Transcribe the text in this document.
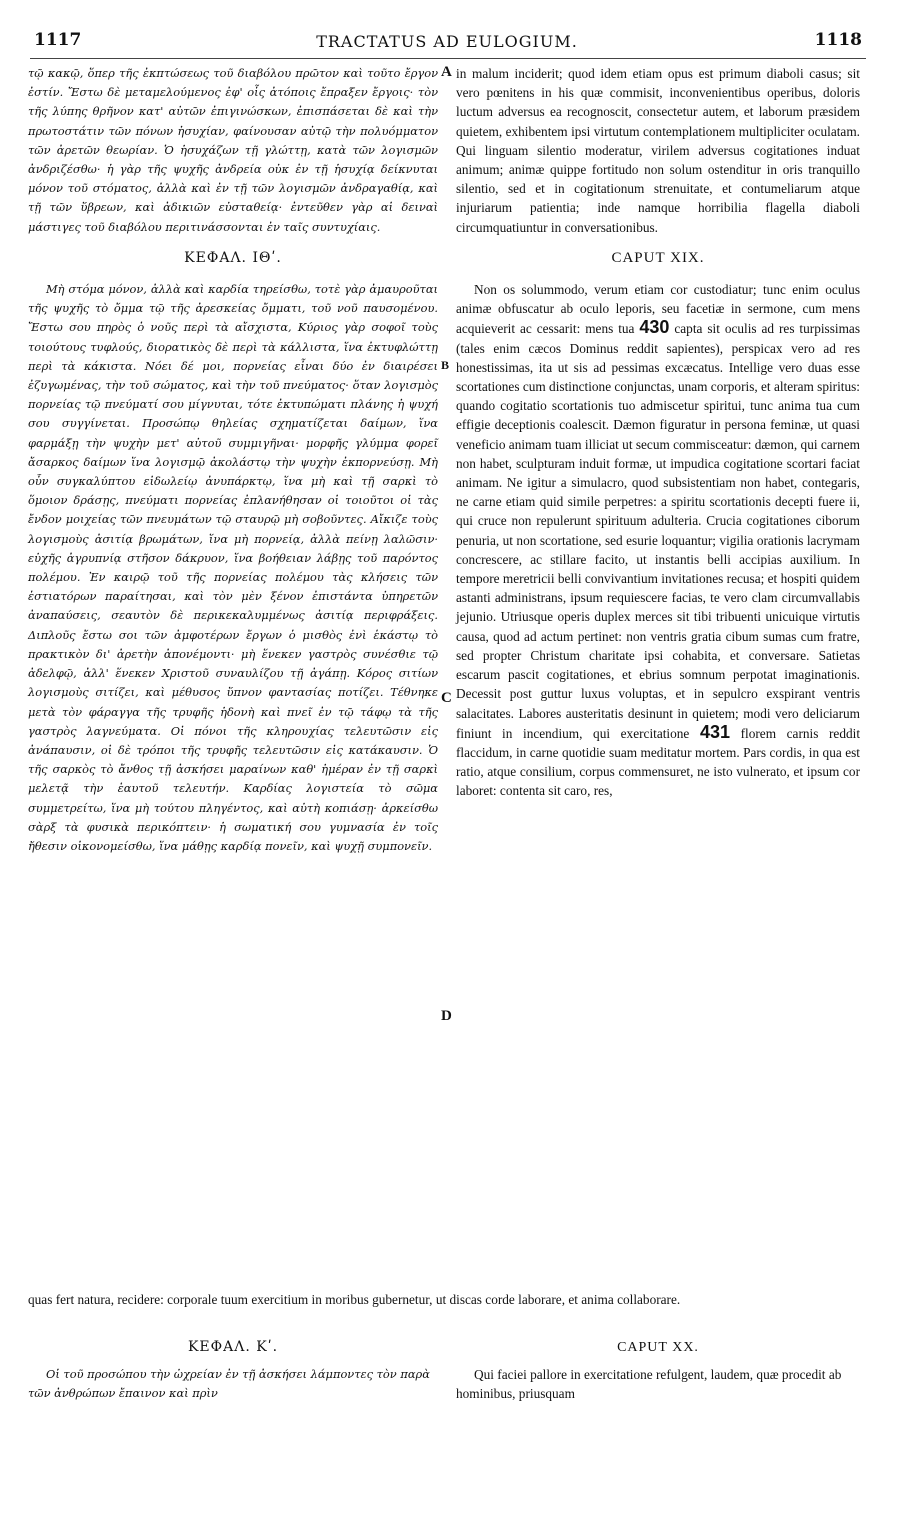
1117	TRACTATUS AD EULOGIUM.	1118

τῷ κακῷ, ὅπερ τῆς ἐκπτώσεως τοῦ διαβόλου πρῶτον καὶ τοῦτο ἔργον ἐστίν. Ἔστω δὲ μεταμελούμενος ἐφ' οἷς ἀτόποις ἔπραξεν ἔργοις· τὸν τῆς λύπης θρῆνον κατ' αὐτῶν ἐπιγινώσκων, ἐπισπάσεται δὲ καὶ τὴν πρωτοστάτιν τῶν πόνων ἡσυχίαν, φαίνουσαν αὐτῷ τὴν πολυόμματον τῶν ἀρετῶν θεωρίαν. Ὁ ἡσυχάζων τῇ γλώττῃ, κατὰ τῶν λογισμῶν ἀνδριζέσθω· ἡ γὰρ τῆς ψυχῆς ἀνδρεία οὐκ ἐν τῇ ἡσυχίᾳ δείκνυται μόνον τοῦ στόματος, ἀλλὰ καὶ ἐν τῇ τῶν λογισμῶν ἀνδραγαθίᾳ, καὶ τῇ τῶν ὕβρεων, καὶ ἀδικιῶν εὐσταθείᾳ· ἐντεῦθεν γὰρ αἱ δειναὶ μάστιγες τοῦ διαβόλου περιτινάσσονται ἐν ταῖς συντυχίαις.

ΚΕΦΑΛ. ΙΘʹ.

Μὴ στόμα μόνον, ἀλλὰ καὶ καρδία τηρείσθω, τοτὲ γὰρ ἀμαυροῦται τῆς ψυχῆς τὸ ὄμμα τῷ τῆς ἀρεσκείας ὄμματι, τοῦ νοῦ παυσομένου. Ἔστω σου πηρὸς ὁ νοῦς περὶ τὰ αἴσχιστα, Κύριος γὰρ σοφοῖ τοὺς τοιούτους τυφλούς, διορατικὸς δὲ περὶ τὰ κάλλιστα, ἵνα ἐκτυφλώττῃ περὶ τὰ κάκιστα. Νόει δέ μοι, πορνείας εἶναι δύο ἐν διαιρέσει ἐζυγωμένας, τὴν τοῦ σώματος, καὶ τὴν τοῦ πνεύματος· ὅταν λογισμὸς πορνείας τῷ πνεύματί σου μίγνυται, τότε ἐκτυπώματι πλάνης ἡ ψυχή σου συγγίνεται. Προσώπῳ θηλείας σχηματίζεται δαίμων, ἵνα φαρμάξῃ τὴν ψυχὴν μετ' αὐτοῦ συμμιγῆναι· μορφῆς γλύμμα φορεῖ ἄσαρκος δαίμων ἵνα λογισμῷ ἀκολάστῳ τὴν ψυχὴν ἐκπορνεύσῃ. Μὴ οὖν συγκαλύπτου εἰδωλείῳ ἀνυπάρκτῳ, ἵνα μὴ καὶ τῇ σαρκὶ τὸ ὅμοιον δράσῃς, πνεύματι πορνείας ἐπλανήθησαν οἱ τοιοῦτοι οἱ τὰς ἔνδον μοιχείας τῶν πνευμάτων τῷ σταυρῷ μὴ σοβοῦντες. Αἴκιζε τοὺς λογισμοὺς ἀσιτίᾳ βρωμάτων, ἵνα μὴ πορνείᾳ, ἀλλὰ πείνῃ λαλῶσιν· εὐχῆς ἀγρυπνίᾳ στῆσον δάκρυον, ἵνα βοήθειαν λάβῃς τοῦ παρόντος πολέμου. Ἐν καιρῷ τοῦ τῆς πορνείας πολέμου τὰς κλήσεις τῶν ἑστιατόρων παραίτησαι, καὶ τὸν μὲν ξένον ἐπιστάντα ὑπηρετῶν ἀναπαύσεις, σεαυτὸν δὲ περικεκαλυμμένως ἀσιτίᾳ περιφράξεις. Διπλοῦς ἔστω σοι τῶν ἀμφοτέρων ἔργων ὁ μισθὸς ἐνὶ ἑκάστῳ τὸ πρακτικὸν δι' ἀρετὴν ἀπονέμοντι· μὴ ἕνεκεν γαστρὸς συνέσθιε τῷ ἀδελφῷ, ἀλλ' ἕνεκεν Χριστοῦ συναυλίζου τῇ ἀγάπῃ. Κόρος σιτίων λογισμοὺς σιτίζει, καὶ μέθυσος ὕπνον φαντασίας ποτίζει. Τέθνηκε μετὰ τὸν φάραγγα τῆς τρυφῆς ἡδονὴ καὶ πνεῖ ἐν τῷ τάφῳ τὰ τῆς γαστρὸς λαγνεύματα. Οἱ πόνοι τῆς κληρουχίας τελευτῶσιν εἰς ἀνάπαυσιν, οἱ δὲ τρόποι τῆς τρυφῆς τελευτῶσιν εἰς κατάκαυσιν. Ὁ τῆς σαρκὸς τὸ ἄνθος τῇ ἀσκήσει μαραίνων καθ' ἡμέραν ἐν τῇ σαρκὶ μελετᾷ τὴν ἑαυτοῦ τελευτήν. Καρδίας λογιστεία τὸ σῶμα συμμετρείτω, ἵνα μὴ τούτου πληγέντος, καὶ αὐτὴ κοπιάσῃ· ἀρκείσθω σὰρξ τὰ φυσικὰ περικόπτειν· ἡ σωματική σου γυμνασία ἐν τοῖς ἤθεσιν οἰκονομείσθω, ἵνα μάθῃς καρδίᾳ πονεῖν, καὶ ψυχῇ συμπονεῖν.

in malum inciderit; quod idem etiam opus est primum diaboli casus; sit vero pœnitens in his quæ commisit, inconvenientibus operibus, doloris luctum adversus ea recognoscit, consectetur autem, et laborum præsidem quietem, exhibentem ipsi virtutum contemplationem multipliciter oculatam. Qui linguam silentio moderatur, virilem adversus cogitationes induat animum; animæ quippe fortitudo non solum ostenditur in oris tranquillo silentio, sed et in cogitationum strenuitate, et contumeliarum atque injuriarum patientia; inde namque horribilia flagella diaboli circumquatiuntur in conversationibus.

CAPUT XIX.

Non os solummodo, verum etiam cor custodiatur; tunc enim oculus animæ obfuscatur ab oculo leporis, seu facetiæ in sermone, cum mens acquieverit ac cessarit: mens tua 430 capta sit oculis ad res turpissimas (tales enim cæcos Dominus reddit sapientes), perspicax vero ad res honestissimas, ita ut sis ad pessimas excæcatus. Intellige vero duas esse scortationes cum distinctione conjunctas, unam corporis, et alteram spiritus: quando cogitatio scortationis tuo admiscetur spiritui, tunc anima tua cum effigie deceptionis coalescit. Dæmon figuratur in persona feminæ, ut quasi veneficio animam tuam illiciat ut secum commisceatur: dæmon, qui carnem non habet, sculpturam induit formæ, ut impudica cogitatione scortari faciat animam. Ne igitur a simulacro, quod subsistentiam non habet, contegaris, ne carne etiam quid simile perpetres: a spiritu scortationis decepti fuere ii, qui cruce non repulerunt spirituum adulteria. Crucia cogitationes ciborum penuria, ut non scortatione, sed esurie loquantur; vigilia orationis lacrymam concrescere, ac stillare facito, ut instantis belli accipias auxilium. In tempore meretricii belli convivantium invitationes recusa; et hospiti quidem astanti administrans, ipsum requiescere facias, te vero clam circumvallabis jejunio. Utriusque operis duplex merces sit tibi tribuenti unicuique virtutis causa, quod ad actum pertinet: non ventris gratia cibum sumas cum fratre, sed propter Christum charitate ipsi cohabita, et conversare. Satietas escarum pascit cogitationes, et ebrius somnum perpotat imaginationis. Decessit post guttur luxus voluptas, et in sepulcro exspirant ventris salacitates. Labores austeritatis desinunt in quietem; modi vero deliciarum finiunt in incendium, qui exercitatione 431 florem carnis reddit flaccidum, in carne quotidie suam meditatur mortem. Pars cordis, in qua est ratio, atque consilium, corpus commensuret, ne isto vulnerato, et ipsum cor laboret: contenta sit caro, res,

A
B
C
D
quas fert natura, recidere: corporale tuum exercitium in moribus gubernetur, ut discas corde laborare, et anima collaborare.
ΚΕΦΑΛ. Κʹ.

Οἱ τοῦ προσώπου τὴν ὠχρείαν ἐν τῇ ἀσκήσει λάμποντες τὸν παρὰ τῶν ἀνθρώπων ἔπαινον καὶ πρὶν

CAPUT XX.

Qui faciei pallore in exercitatione refulgent, laudem, quæ procedit ab hominibus, priusquam
